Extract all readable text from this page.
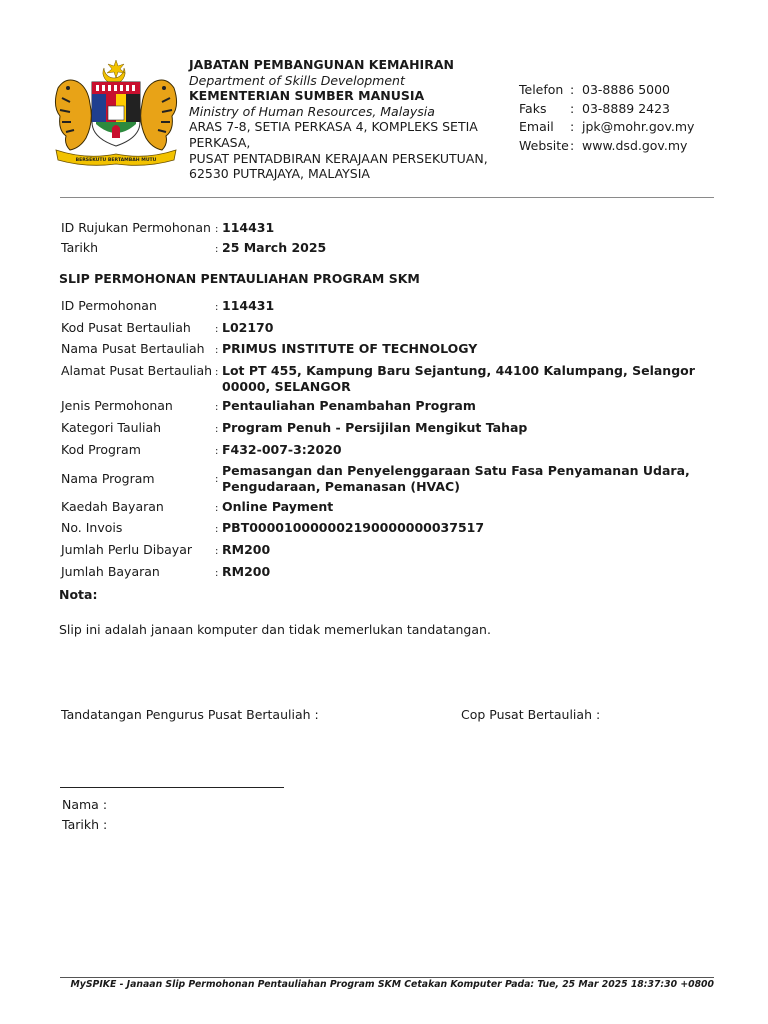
BERSEKUTU BERTAMBAH MUTU
JABATAN PEMBANGUNAN KEMAHIRAN
Department of Skills Development
KEMENTERIAN SUMBER MANUSIA
Ministry of Human Resources, Malaysia
ARAS 7-8, SETIA PERKASA 4, KOMPLEKS SETIA
PERKASA,
PUSAT PENTADBIRAN KERAJAAN PERSEKUTUAN,
62530 PUTRAJAYA, MALAYSIA
Telefon : 03-8886 5000
Faks	: 03-8889 2423
Email	: jpk@mohr.gov.my
Website : www.dsd.gov.my
ID Rujukan Permohonan : 114431
Tarikh	: 25 March 2025
SLIP PERMOHONAN PENTAULIAHAN PROGRAM SKM
ID Permohonan	: 114431
Kod Pusat Bertauliah	: L02170
Nama Pusat Bertauliah	: PRIMUS INSTITUTE OF TECHNOLOGY
Alamat Pusat Bertauliah : Lot PT 455, Kampung Baru Sejantung, 44100 Kalumpang, Selangor 00000, SELANGOR
Jenis Permohonan	: Pentauliahan Penambahan Program
Kategori Tauliah	: Program Penuh - Persijilan Mengikut Tahap
Kod Program	: F432-007-3:2020
Nama Program	:
Pemasangan dan Penyelenggaraan Satu Fasa Penyamanan Udara, Pengudaraan, Pemanasan (HVAC)
Kaedah Bayaran	: Online Payment
No. Invois	: PBT000010000002190000000037517
Jumlah Perlu Dibayar	: RM200
Jumlah Bayaran	: RM200
Nota:
Slip ini adalah janaan komputer dan tidak memerlukan tandatangan.
Tandatangan Pengurus Pusat Bertauliah :	Cop Pusat Bertauliah :
Nama :
Tarikh :
MySPIKE - Janaan Slip Permohonan Pentauliahan Program SKM Cetakan Komputer Pada: Tue, 25 Mar 2025 18:37:30 +0800
